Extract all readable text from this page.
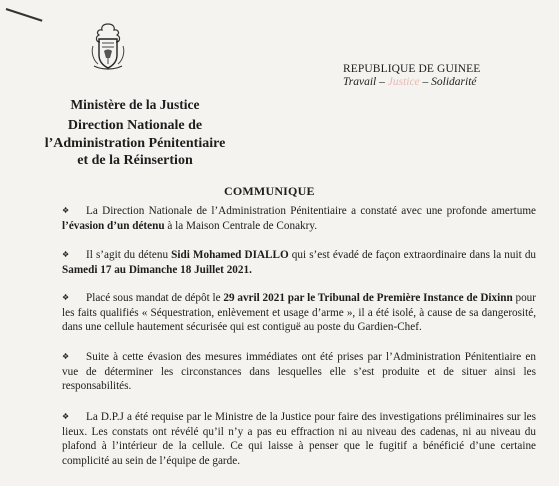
REPUBLIQUE DE GUINEE
Travail – Justice – Solidarité
Ministère de la Justice
Direction Nationale de
l’Administration Pénitentiaire
et de la Réinsertion
COMMUNIQUE
❖ La Direction Nationale de l’Administration Pénitentiaire a constaté avec une profonde amertume l’évasion d’un détenu à la Maison Centrale de Conakry.
❖ Il s’agit du détenu Sidi Mohamed DIALLO qui s’est évadé de façon extraordinaire dans la nuit du Samedi 17 au Dimanche 18 Juillet 2021.
❖ Placé sous mandat de dépôt le 29 avril 2021 par le Tribunal de Première Instance de Dixinn pour les faits qualifiés « Séquestration, enlèvement et usage d’arme », il a été isolé, à cause de sa dangerosité, dans une cellule hautement sécurisée qui est contiguë au poste du Gardien-Chef.
❖ Suite à cette évasion des mesures immédiates ont été prises par l’Administration Pénitentiaire en vue de déterminer les circonstances dans lesquelles elle s’est produite et de situer ainsi les responsabilités.
❖ La D.P.J a été requise par le Ministre de la Justice pour faire des investigations préliminaires sur les lieux. Les constats ont révélé qu’il n’y a pas eu effraction ni au niveau des cadenas, ni au niveau du plafond à l’intérieur de la cellule. Ce qui laisse à penser que le fugitif a bénéficié d’une certaine complicité au sein de l’équipe de garde.
